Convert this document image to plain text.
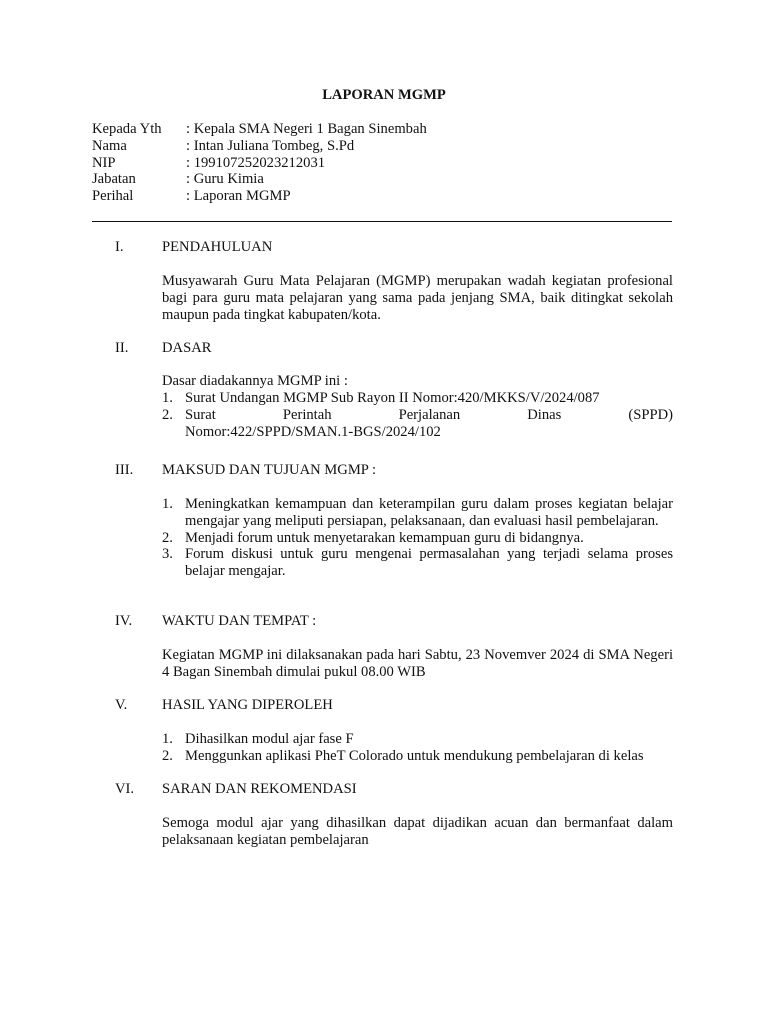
LAPORAN MGMP
Kepada Yth	: Kepala SMA Negeri 1 Bagan Sinembah
Nama	: Intan Juliana Tombeg, S.Pd
NIP	: 199107252023212031
Jabatan	: Guru Kimia
Perihal	: Laporan MGMP
I.	PENDAHULUAN
Musyawarah Guru Mata Pelajaran (MGMP) merupakan wadah kegiatan profesional bagi para guru mata pelajaran yang sama pada jenjang SMA, baik ditingkat sekolah maupun pada tingkat kabupaten/kota.
II.	DASAR
Dasar diadakannya MGMP ini :
1. Surat Undangan MGMP Sub Rayon II Nomor:420/MKKS/V/2024/087
2. Surat	Perintah	Perjalanan	Dinas	(SPPD)
Nomor:422/SPPD/SMAN.1-BGS/2024/102
III.	MAKSUD DAN TUJUAN MGMP :
1. Meningkatkan kemampuan dan keterampilan guru dalam proses kegiatan belajar mengajar yang meliputi persiapan, pelaksanaan, dan evaluasi hasil pembelajaran.
2. Menjadi forum untuk menyetarakan kemampuan guru di bidangnya.
3. Forum diskusi untuk guru mengenai permasalahan yang terjadi selama proses belajar mengajar.
IV.	WAKTU DAN TEMPAT :
Kegiatan MGMP ini dilaksanakan pada hari Sabtu, 23 Novemver 2024 di SMA Negeri 4 Bagan Sinembah dimulai pukul 08.00 WIB
V.	HASIL YANG DIPEROLEH
1. Dihasilkan modul ajar fase F
2. Menggunkan aplikasi PheT Colorado untuk mendukung pembelajaran di kelas
VI.	SARAN DAN REKOMENDASI
Semoga modul ajar yang dihasilkan dapat dijadikan acuan dan bermanfaat dalam pelaksanaan kegiatan pembelajaran
